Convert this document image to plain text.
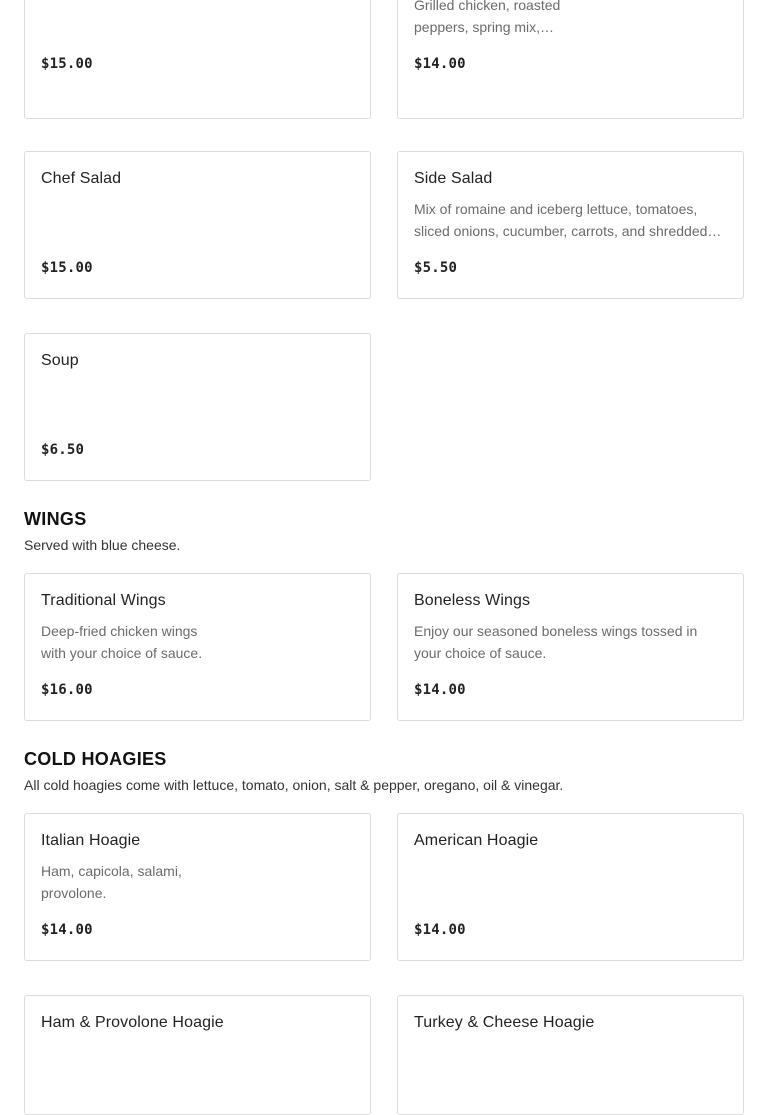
$15.00
Grilled chicken, roasted peppers, spring mix,…
$14.00
Chef Salad
$15.00
Side Salad
Mix of romaine and iceberg lettuce, tomatoes, sliced onions, cucumber, carrots, and shredded…
$5.50
Soup
$6.50
WINGS
Served with blue cheese.
Traditional Wings
Deep-fried chicken wings with your choice of sauce.
$16.00
Boneless Wings
Enjoy our seasoned boneless wings tossed in your choice of sauce.
$14.00
COLD HOAGIES
All cold hoagies come with lettuce, tomato, onion, salt & pepper, oregano, oil & vinegar.
Italian Hoagie
Ham, capicola, salami, provolone.
$14.00
American Hoagie
$14.00
Ham & Provolone Hoagie	Turkey & Cheese Hoagie
